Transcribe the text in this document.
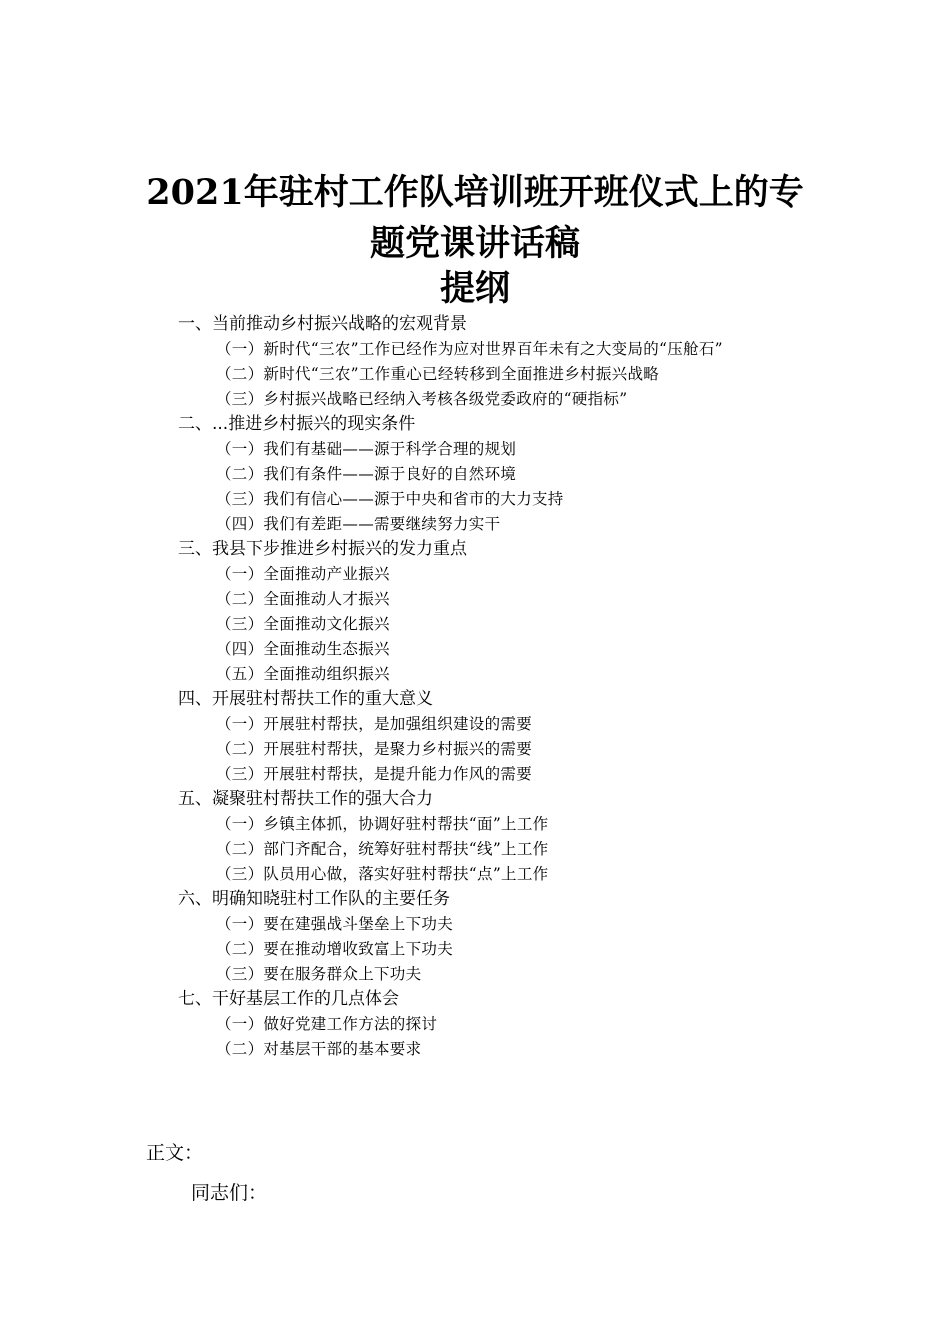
2021年驻村工作队培训班开班仪式上的专
题党课讲话稿
提纲
一、当前推动乡村振兴战略的宏观背景
（一）新时代“三农”工作已经作为应对世界百年未有之大变局的“压舱石”
（二）新时代“三农”工作重心已经转移到全面推进乡村振兴战略
（三）乡村振兴战略已经纳入考核各级党委政府的“硬指标”
二、...推进乡村振兴的现实条件
（一）我们有基础——源于科学合理的规划
（二）我们有条件——源于良好的自然环境
（三）我们有信心——源于中央和省市的大力支持
（四）我们有差距——需要继续努力实干
三、我县下步推进乡村振兴的发力重点
（一）全面推动产业振兴
（二）全面推动人才振兴
（三）全面推动文化振兴
（四）全面推动生态振兴
（五）全面推动组织振兴
四、开展驻村帮扶工作的重大意义
（一）开展驻村帮扶，是加强组织建设的需要
（二）开展驻村帮扶，是聚力乡村振兴的需要
（三）开展驻村帮扶，是提升能力作风的需要
五、凝聚驻村帮扶工作的强大合力
（一）乡镇主体抓，协调好驻村帮扶“面”上工作
（二）部门齐配合，统筹好驻村帮扶“线”上工作
（三）队员用心做，落实好驻村帮扶“点”上工作
六、明确知晓驻村工作队的主要任务
（一）要在建强战斗堡垒上下功夫
（二）要在推动增收致富上下功夫
（三）要在服务群众上下功夫
七、干好基层工作的几点体会
（一）做好党建工作方法的探讨
（二）对基层干部的基本要求
正文：
同志们：
